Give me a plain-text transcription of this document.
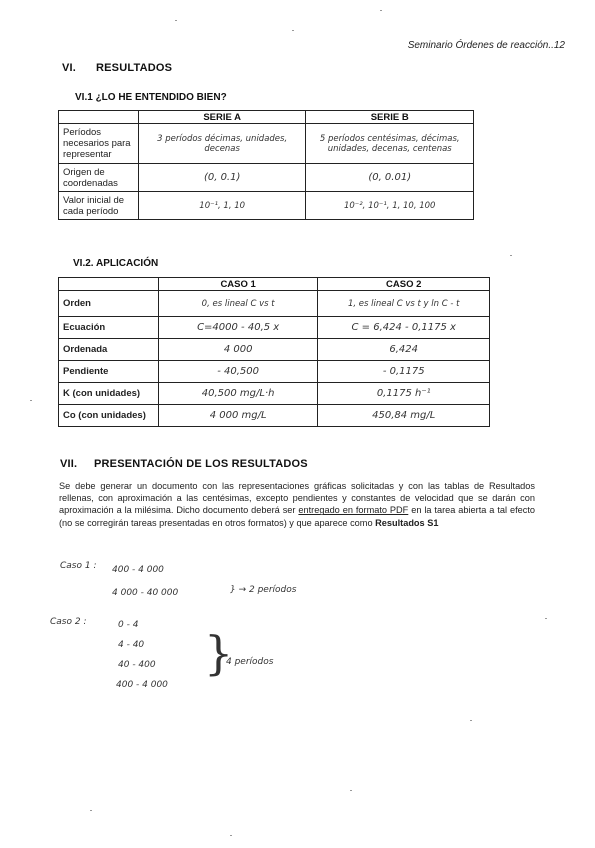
Seminario Órdenes de reacción..12
VI. RESULTADOS
VI.1 ¿LO HE ENTENDIDO BIEN?
	SERIE A	SERIE B
Períodos necesarios para representar	3 períodos décimas, unidades, decenas	5 períodos centésimas, décimas, unidades, decenas, centenas
Origen de coordenadas	(0, 0.1)	(0, 0.01)
Valor inicial de cada período	10⁻¹, 1, 10	10⁻², 10⁻¹, 1, 10, 100
VI.2. APLICACIÓN
	CASO 1	CASO 2
Orden	0, es lineal C vs t	1, es lineal C vs t y ln C - t
Ecuación	C=4000 - 40,5 x	C = 6,424 - 0,1175 x
Ordenada	4 000	6,424
Pendiente	- 40,500	- 0,1175
K (con unidades)	40,500 mg/L·h	0,1175 h⁻¹
Co (con unidades)	4 000 mg/L	450,84 mg/L
VII. PRESENTACIÓN DE LOS RESULTADOS
Se debe generar un documento con las representaciones gráficas solicitadas y con las tablas de Resultados rellenas, con aproximación a las centésimas, excepto pendientes y constantes de velocidad que se darán con aproximación a la milésima. Dicho documento deberá ser entregado en formato PDF en la tarea abierta a tal efecto (no se corregirán tareas presentadas en otros formatos) y que aparece como Resultados S1
Caso 1 : 400 - 4 000
4 000 - 40 000	} → 2 períodos
Caso 2 :	0 - 4
4 - 40
40 - 400
400 - 4 000
}
4 períodos
